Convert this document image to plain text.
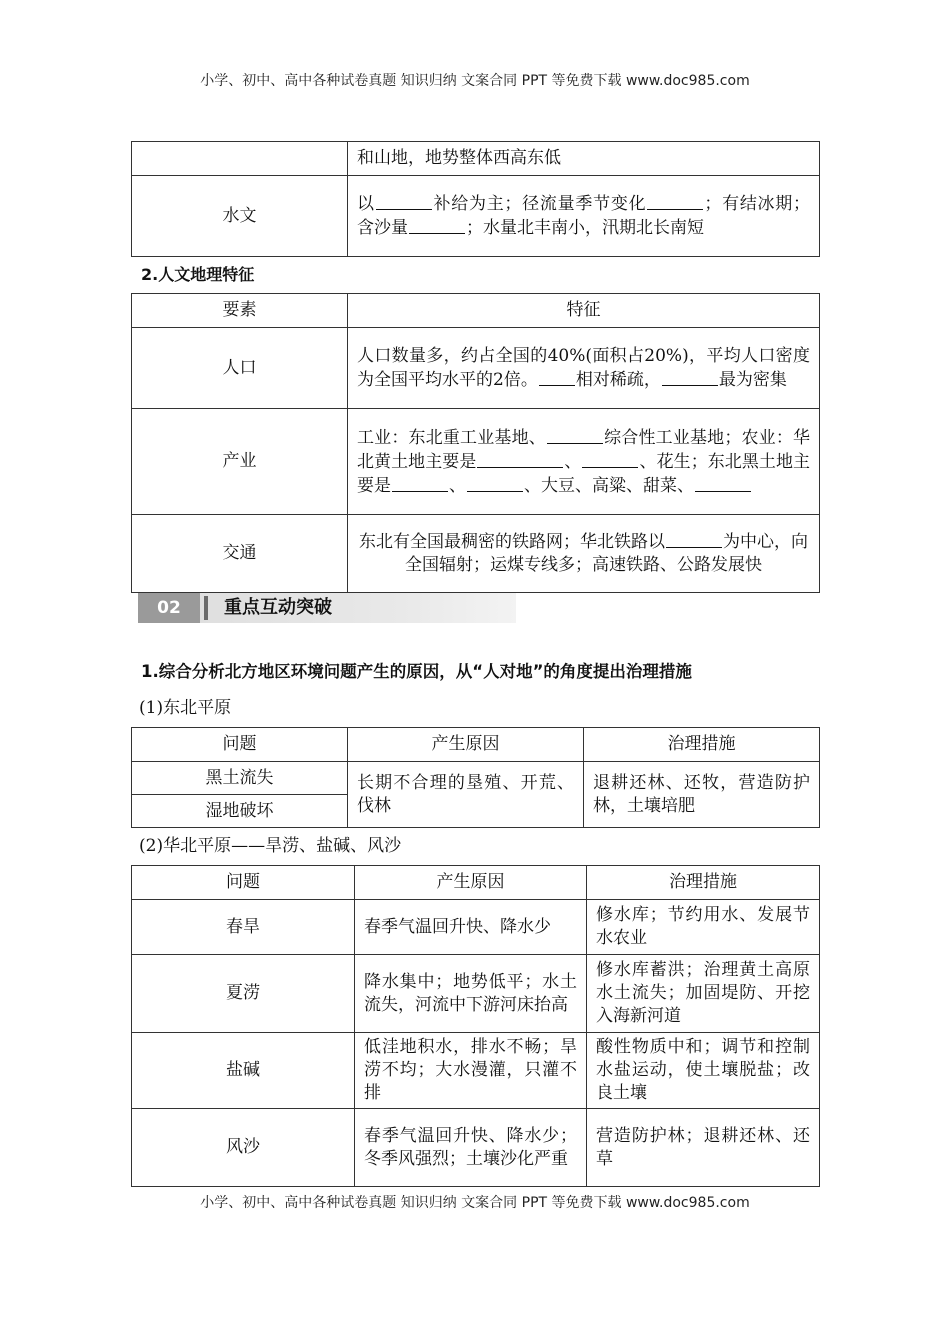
小学、初中、高中各种试卷真题 知识归纳 文案合同 PPT 等免费下载 www.doc985.com
	和山地，地势整体西高东低
水文	以 补给为主；径流量季节变化 ；有结冰期；含沙量 ；水量北丰南小，汛期北长南短
2.人文地理特征
要素	特征
人口	人口数量多，约占全国的40%(面积占20%)，平均人口密度为全国平均水平的2倍。 相对稀疏， 最为密集
产业	工业：东北重工业基地、 综合性工业基地；农业：华北黄土地主要是 、 、花生；东北黑土地主要是 、 、大豆、高粱、甜菜、
交通	东北有全国最稠密的铁路网；华北铁路以 为中心，向全国辐射；运煤专线多；高速铁路、公路发展快
02	重点互动突破
1.综合分析北方地区环境问题产生的原因，从“人对地”的角度提出治理措施
(1)东北平原
问题	产生原因	治理措施
黑土流失	长期不合理的垦殖、开荒、伐林	退耕还林、还牧，营造防护林，土壤培肥
湿地破坏		
(2)华北平原——旱涝、盐碱、风沙
问题	产生原因	治理措施
春旱	春季气温回升快、降水少	修水库；节约用水、发展节水农业
夏涝	降水集中；地势低平；水土流失，河流中下游河床抬高	修水库蓄洪；治理黄土高原水土流失；加固堤防、开挖入海新河道
盐碱	低洼地积水，排水不畅；旱涝不均；大水漫灌，只灌不排	酸性物质中和；调节和控制水盐运动，使土壤脱盐；改良土壤
风沙	春季气温回升快、降水少；冬季风强烈；土壤沙化严重	营造防护林；退耕还林、还草
小学、初中、高中各种试卷真题 知识归纳 文案合同 PPT 等免费下载 www.doc985.com
